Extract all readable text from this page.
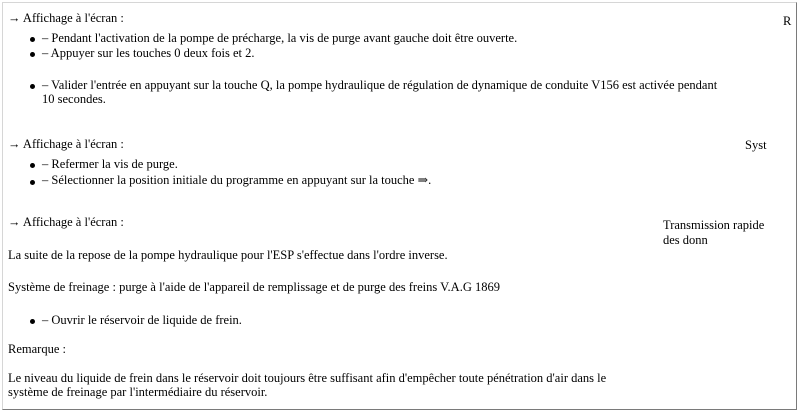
→ Affichage à l'écran :	R
– Pendant l'activation de la pompe de précharge, la vis de purge avant gauche doit être ouverte.
– Appuyer sur les touches 0 deux fois et 2.
– Valider l'entrée en appuyant sur la touche Q, la pompe hydraulique de régulation de dynamique de conduite V156 est activée pendant
10 secondes.
→ Affichage à l'écran :	Syst
– Refermer la vis de purge.
– Sélectionner la position initiale du programme en appuyant sur la touche ⇒.
→ Affichage à l'écran :	Transmission rapide
des donn
La suite de la repose de la pompe hydraulique pour l'ESP s'effectue dans l'ordre inverse.
Système de freinage : purge à l'aide de l'appareil de remplissage et de purge des freins V.A.G 1869
– Ouvrir le réservoir de liquide de frein.
Remarque :
Le niveau du liquide de frein dans le réservoir doit toujours être suffisant afin d'empêcher toute pénétration d'air dans le
système de freinage par l'intermédiaire du réservoir.
